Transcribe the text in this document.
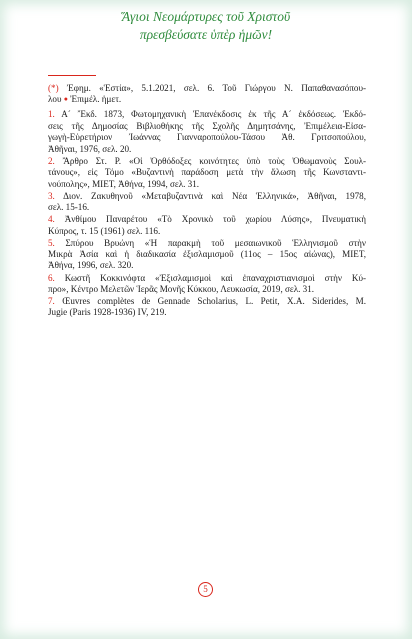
Ἅγιοι Νεομάρτυρες τοῦ Χριστοῦ
πρεσβεύσατε ὑπὲρ ἡμῶν!
(*) Ἐφημ. «Ἑστία», 5.1.2021, σελ. 6. Τοῦ Γιώργου Ν. Παπαθανασόπου-
λου ● Ἐπιμέλ. ἡμετ.
1. Α´ Ἔκδ. 1873, Φωτομηχανικὴ Ἐπανέκδοσις ἐκ τῆς Α´ ἐκδόσεως. Ἐκδό-
σεις τῆς Δημοσίας Βιβλιοθήκης τῆς Σχολῆς Δημητσάνης, Ἐπιμέλεια-Εἰσα-
γωγὴ-Εὑρετήριον Ἰωάννας Γιανναροπούλου-Τάσου Ἀθ. Γριτσοπούλου,
Ἀθῆναι, 1976, σελ. 20.
2. Ἄρθρο Στ. Ρ. «Οἱ Ὀρθόδοξες κοινότητες ὑπὸ τοὺς Ὀθωμανοὺς Σουλ-
τάνους», εἰς Τόμο «Βυζαντινὴ παράδοση μετὰ τὴν ἅλωση τῆς Κωνσταντι-
νούπολης», ΜΙΕΤ, Ἀθήνα, 1994, σελ. 31.
3. Διον. Ζακυθηνοῦ «Μεταβυζαντινὰ καὶ Νέα Ἑλληνικά», Ἀθῆναι, 1978,
σελ. 15-16.
4. Ἀνθίμου Παναρέτου «Τὸ Χρονικὸ τοῦ χωρίου Λύσης», Πνευματικὴ
Κύπρος, τ. 15 (1961) σελ. 116.
5. Σπύρου Βρυώνη «Ἡ παρακμὴ τοῦ μεσαιωνικοῦ Ἑλληνισμοῦ στὴν
Μικρὰ Ἀσία καὶ ἡ διαδικασία ἐξισλαμισμοῦ (11ος – 15ος αἰώνας), ΜΙΕΤ,
Ἀθήνα, 1996, σελ. 320.
6. Κωστῆ Κοκκινόφτα «Ἐξισλαμισμοὶ καὶ ἐπαναχριστιανισμοὶ στὴν Κύ-
προ», Κέντρο Μελετῶν Ἱερᾶς Μονῆς Κύκκου, Λευκωσία, 2019, σελ. 31.
7. Œuvres complètes de Gennade Scholarius, L. Petit, X.A. Siderides, M.
Jugie (Paris 1928-1936) IV, 219.
5
